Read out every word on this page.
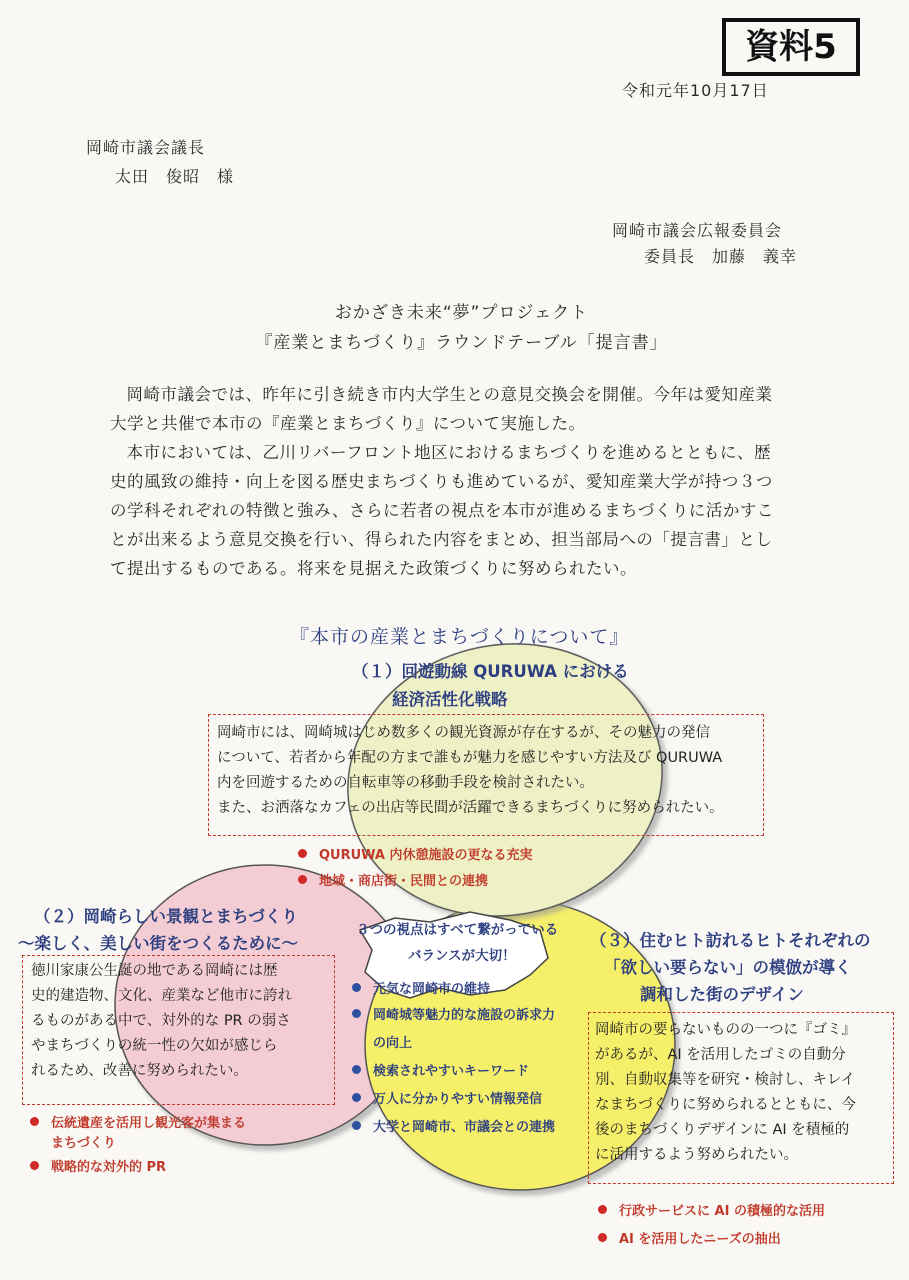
資料5
令和元年10月17日
岡崎市議会議長
太田　俊昭　様
岡崎市議会広報委員会
委員長　加藤　義幸
おかざき未来“夢”プロジェクト
『産業とまちづくり』ラウンドテーブル「提言書」

岡崎市議会では、昨年に引き続き市内大学生との意見交換会を開催。今年は愛知産業

大学と共催で本市の『産業とまちづくり』について実施した。

本市においては、乙川リバーフロント地区におけるまちづくりを進めるとともに、歴

史的風致の維持・向上を図る歴史まちづくりも進めているが、愛知産業大学が持つ３つ

の学科それぞれの特徴と強み、さらに若者の視点を本市が進めるまちづくりに活かすこ

とが出来るよう意見交換を行い、得られた内容をまとめ、担当部局への「提言書」とし

て提出するものである。将来を見据えた政策づくりに努められたい。

『本市の産業とまちづくりについて』
（１）回遊動線 QURUWA における
経済活性化戦略

岡崎市には、岡崎城はじめ数多くの観光資源が存在するが、その魅力の発信

について、若者から年配の方まで誰もが魅力を感じやすい方法及び QURUWA

内を回遊するための自転車等の移動手段を検討されたい。

また、お洒落なカフェの出店等民間が活躍できるまちづくりに努められたい。

QURUWA 内休憩施設の更なる充実
地域・商店街・民間との連携
（２）岡崎らしい景観とまちづくり
～楽しく、美しい街をつくるために～

徳川家康公生誕の地である岡崎には歴

史的建造物、文化、産業など他市に誇れ

るものがある中で、対外的な PR の弱さ

やまちづくりの統一性の欠如が感じら

れるため、改善に努められたい。

伝統遺産を活用し観光客が集まる
まちづくり
戦略的な対外的 PR
３つの視点はすべて繋がっている
バランスが大切！
元気な岡崎市の維持
岡崎城等魅力的な施設の訴求力
の向上
検索されやすいキーワード
万人に分かりやすい情報発信
大学と岡崎市、市議会との連携
（３）住むヒト訪れるヒトそれぞれの
「欲しい要らない」の模倣が導く
調和した街のデザイン

岡崎市の要らないものの一つに『ゴミ』

があるが、AI を活用したゴミの自動分

別、自動収集等を研究・検討し、キレイ

なまちづくりに努められるとともに、今

後のまちづくりデザインに AI を積極的

に活用するよう努められたい。

行政サービスに AI の積極的な活用
AI を活用したニーズの抽出
